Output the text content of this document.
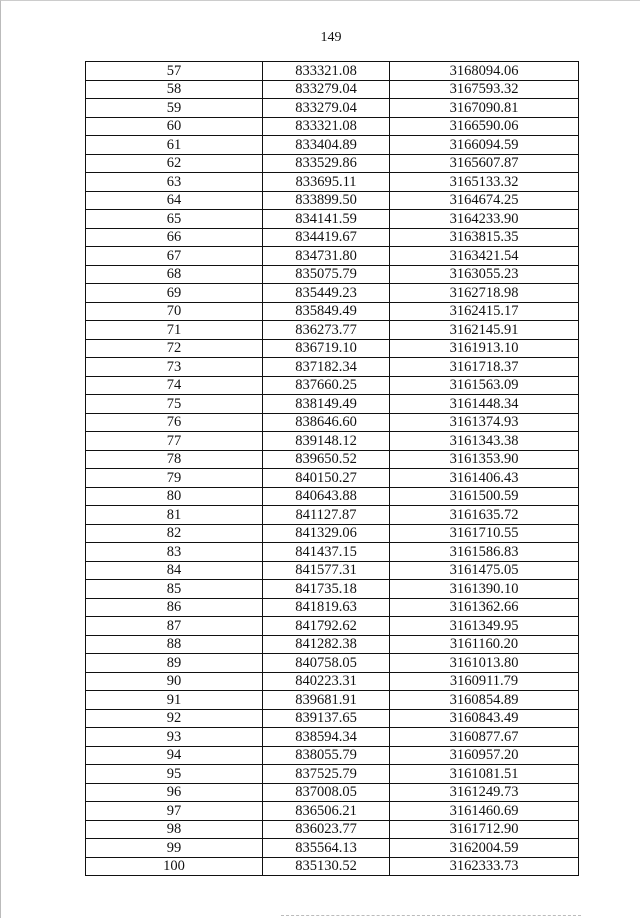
149
57	833321.08	3168094.06
58	833279.04	3167593.32
59	833279.04	3167090.81
60	833321.08	3166590.06
61	833404.89	3166094.59
62	833529.86	3165607.87
63	833695.11	3165133.32
64	833899.50	3164674.25
65	834141.59	3164233.90
66	834419.67	3163815.35
67	834731.80	3163421.54
68	835075.79	3163055.23
69	835449.23	3162718.98
70	835849.49	3162415.17
71	836273.77	3162145.91
72	836719.10	3161913.10
73	837182.34	3161718.37
74	837660.25	3161563.09
75	838149.49	3161448.34
76	838646.60	3161374.93
77	839148.12	3161343.38
78	839650.52	3161353.90
79	840150.27	3161406.43
80	840643.88	3161500.59
81	841127.87	3161635.72
82	841329.06	3161710.55
83	841437.15	3161586.83
84	841577.31	3161475.05
85	841735.18	3161390.10
86	841819.63	3161362.66
87	841792.62	3161349.95
88	841282.38	3161160.20
89	840758.05	3161013.80
90	840223.31	3160911.79
91	839681.91	3160854.89
92	839137.65	3160843.49
93	838594.34	3160877.67
94	838055.79	3160957.20
95	837525.79	3161081.51
96	837008.05	3161249.73
97	836506.21	3161460.69
98	836023.77	3161712.90
99	835564.13	3162004.59
100	835130.52	3162333.73
